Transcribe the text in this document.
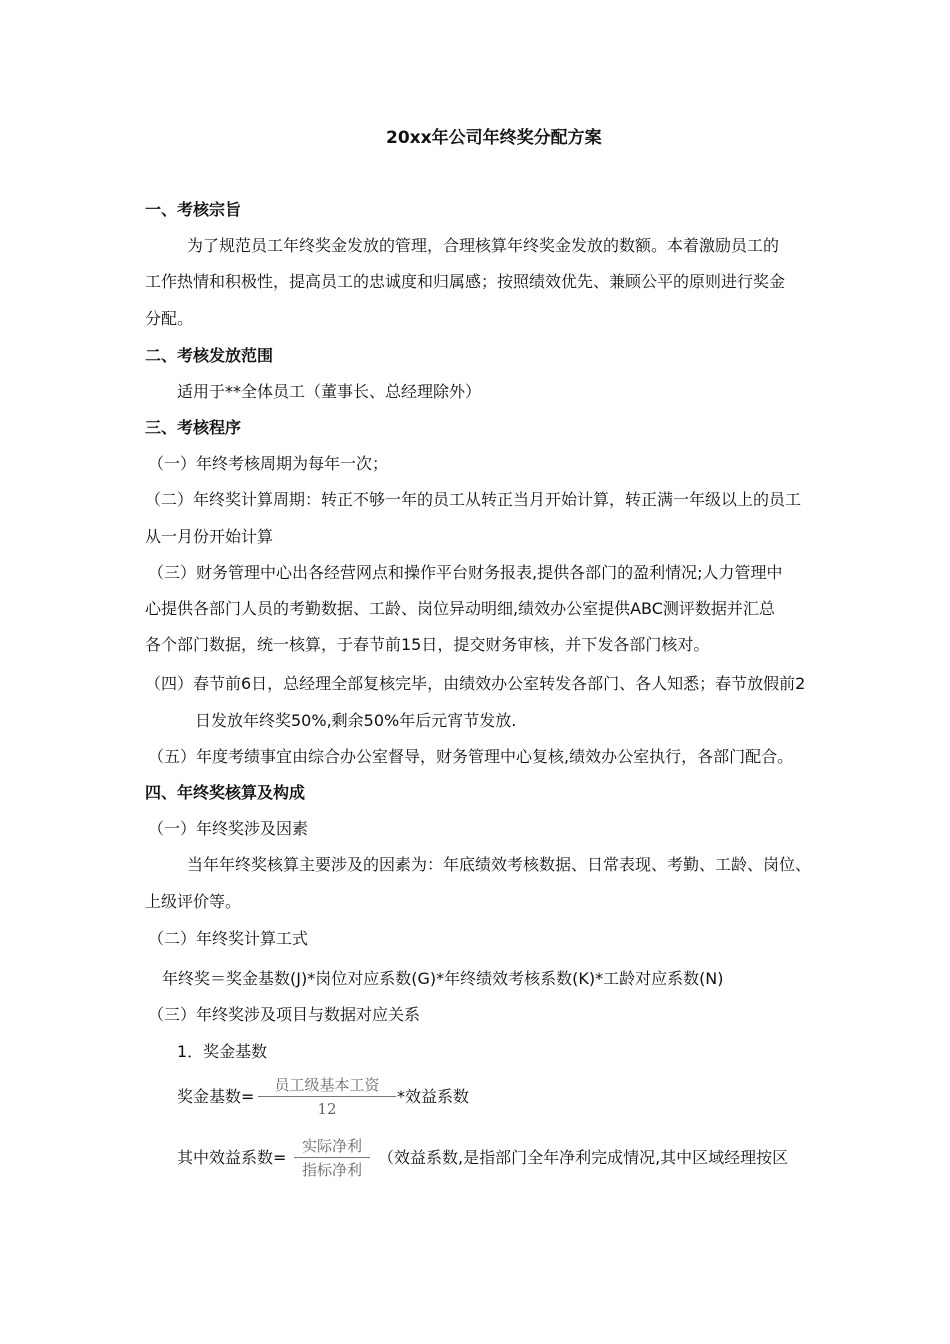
20xx年公司年终奖分配方案
一、考核宗旨
为了规范员工年终奖金发放的管理，合理核算年终奖金发放的数额。本着激励员工的
工作热情和积极性，提高员工的忠诚度和归属感；按照绩效优先、兼顾公平的原则进行奖金
分配。
二、考核发放范围
适用于**全体员工（董事长、总经理除外）
三、考核程序
（一）年终考核周期为每年一次；
（二）年终奖计算周期：转正不够一年的员工从转正当月开始计算，转正满一年级以上的员工
从一月份开始计算
（三）财务管理中心出各经营网点和操作平台财务报表,提供各部门的盈利情况;人力管理中
心提供各部门人员的考勤数据、工龄、岗位异动明细,绩效办公室提供ABC测评数据并汇总
各个部门数据，统一核算，于春节前15日，提交财务审核，并下发各部门核对。
（四）春节前6日，总经理全部复核完毕，由绩效办公室转发各部门、各人知悉；春节放假前2
日发放年终奖50%,剩余50%年后元宵节发放.
（五）年度考绩事宜由综合办公室督导，财务管理中心复核,绩效办公室执行，各部门配合。
四、年终奖核算及构成
（一）年终奖涉及因素
当年年终奖核算主要涉及的因素为：年底绩效考核数据、日常表现、考勤、工龄、岗位、
上级评价等。
（二）年终奖计算工式
年终奖＝奖金基数(J)*岗位对应系数(G)*年终绩效考核系数(K)*工龄对应系数(N)
（三）年终奖涉及项目与数据对应关系
1．奖金基数
奖金基数=
员工级基本工资
12
*效益系数
其中效益系数=
实际净利
指标净利
（效益系数,是指部门全年净利完成情况,其中区域经理按区
